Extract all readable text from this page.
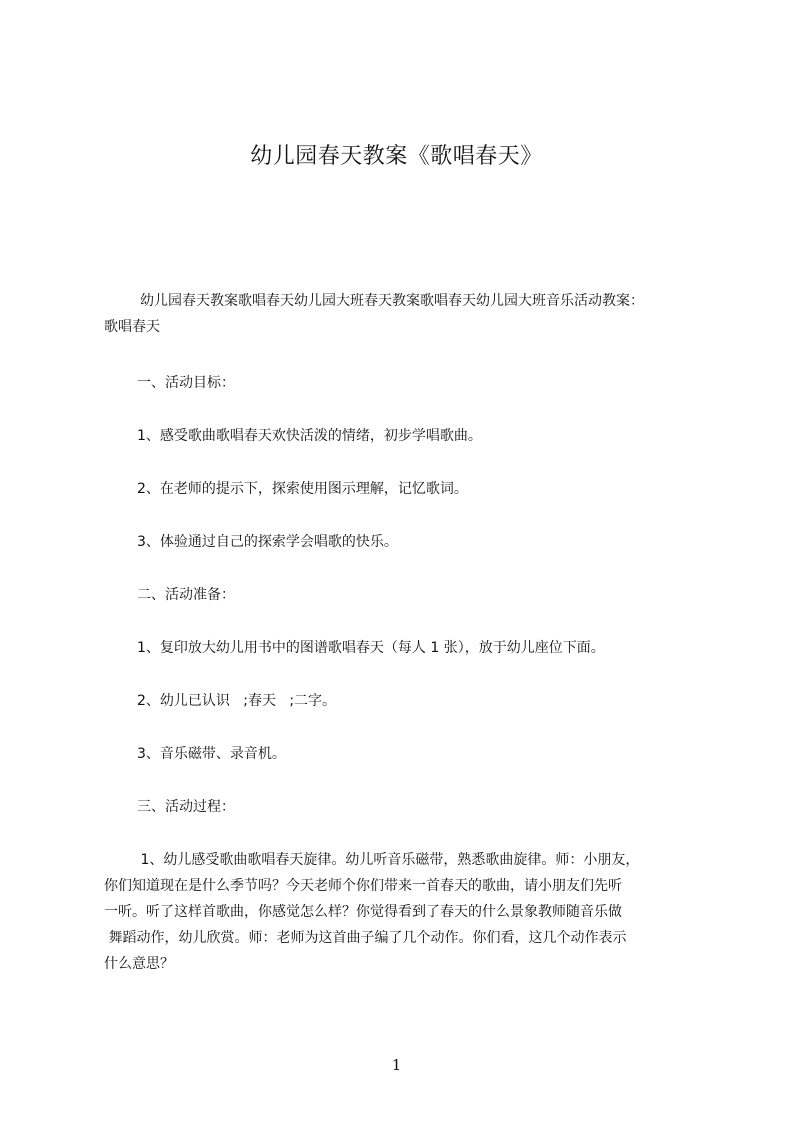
幼儿园春天教案《歌唱春天》
幼儿园春天教案歌唱春天幼儿园大班春天教案歌唱春天幼儿园大班音乐活动教案：
歌唱春天

一、活动目标：

1、感受歌曲歌唱春天欢快活泼的情绪，初步学唱歌曲。

2、在老师的提示下，探索使用图示理解，记忆歌词。

3、体验通过自己的探索学会唱歌的快乐。

二、活动准备：

1、复印放大幼儿用书中的图谱歌唱春天（每人 1 张），放于幼儿座位下面。

2、幼儿已认识   ;春天   ;二字。

3、音乐磁带、录音机。

三、活动过程：

1、幼儿感受歌曲歌唱春天旋律。幼儿听音乐磁带，熟悉歌曲旋律。师：小朋友，
你们知道现在是什么季节吗？今天老师个你们带来一首春天的歌曲，请小朋友们先听
一听。听了这样首歌曲，你感觉怎么样？你觉得看到了春天的什么景象教师随音乐做
舞蹈动作，幼儿欣赏。师：老师为这首曲子编了几个动作。你们看，这几个动作表示
什么意思？
1
